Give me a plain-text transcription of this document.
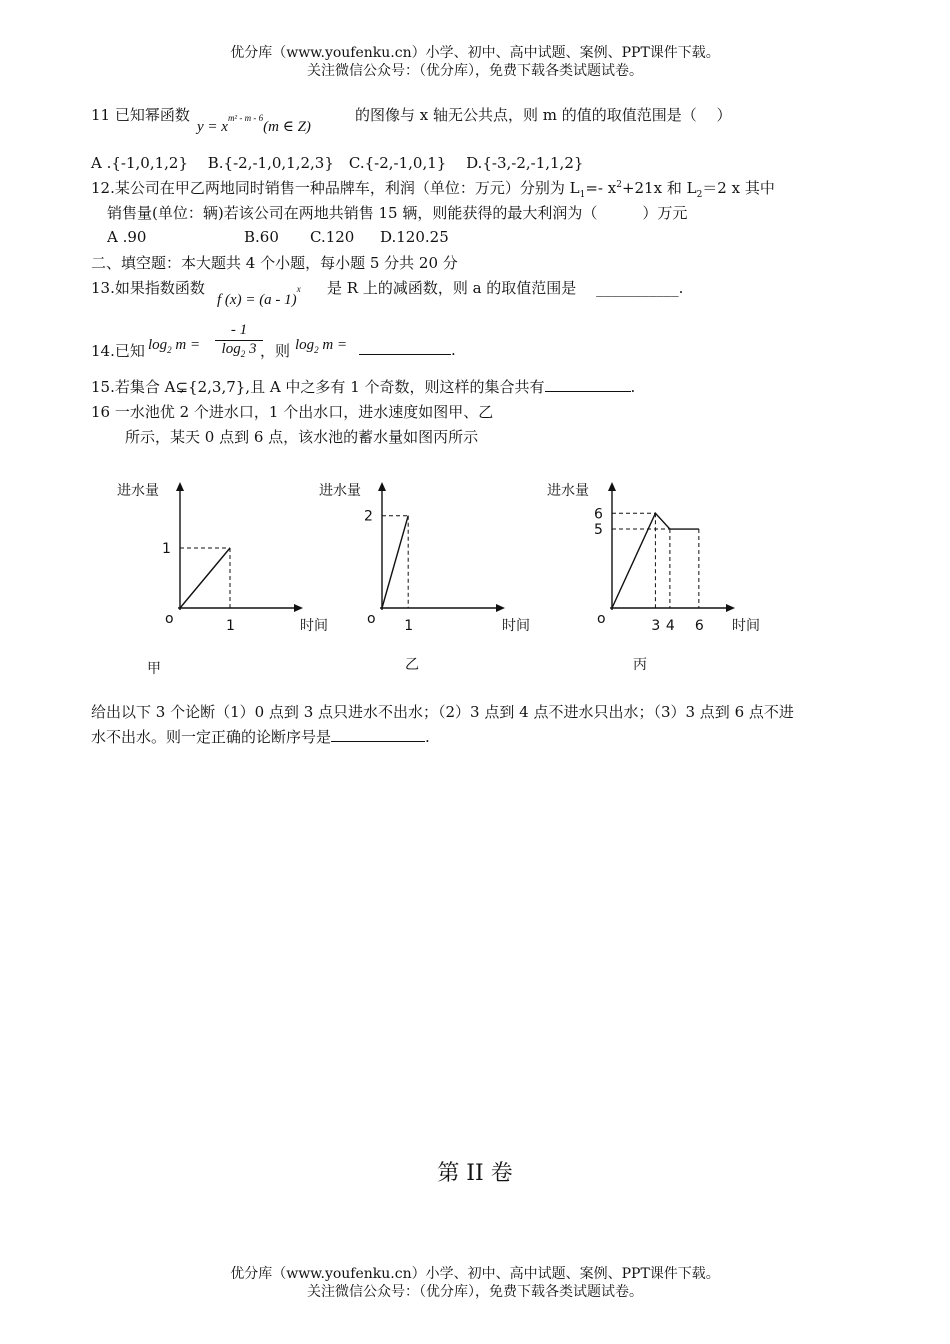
优分库（www.youfenku.cn）小学、初中、高中试题、案例、PPT课件下载。
关注微信公众号：（优分库），免费下载各类试题试卷。
11 已知幂函数
$y = x^{m^2 - m - 6}(m$ ∈ Z)
的图像与 x 轴无公共点，则 m 的值的取值范围是（　 ）
A .{-1,0,1,2}　 B.{-2,-1,0,1,2,3}　C.{-2,-1,0,1}　 D.{-3,-2,-1,1,2}
12.某公司在甲乙两地同时销售一种品牌车，利润（单位：万元）分别为 $L_1=-$ $x^2+21x$ 和 $L_2=2$ x 其中
销售量(单位：辆)若该公司在两地共销售 15 辆，则能获得的最大利润为（　　　）万元
A .90	B.60 C.120 D.120.25
二、填空题：本大题共 4 个小题，每小题 5 分共 20 分
13.如果指数函数
f (x) = (a - 1)$^x$ 是 R 上的减函数，则 a 的取值范围是　 ___________.
14.已知 $\log_2 m = \frac{- 1}{\log_2 3}$
，则 $\log_2 m$ =	.
15.若集合 A⊊{2,3,7},且 A 中之多有 1 个奇数，则这样的集合共有	.
16 一水池优 2 个进水口，1 个出水口，进水速度如图甲、乙
所示，某天 0 点到 6 点，该水池的蓄水量如图丙所示
进水量
甲
o	时间
1
1
进水量
乙
o	时间
1
2
进水量
丙
o	时间
3 4 6
6
5
给出以下 3 个论断（1）0 点到 3 点只进水不出水；（2）3 点到 4 点不进水只出水；（3）3 点到 6 点不进
水不出水。则一定正确的论断序号是	.
第 II 卷
优分库（www.youfenku.cn）小学、初中、高中试题、案例、PPT课件下载。
关注微信公众号：（优分库），免费下载各类试题试卷。
